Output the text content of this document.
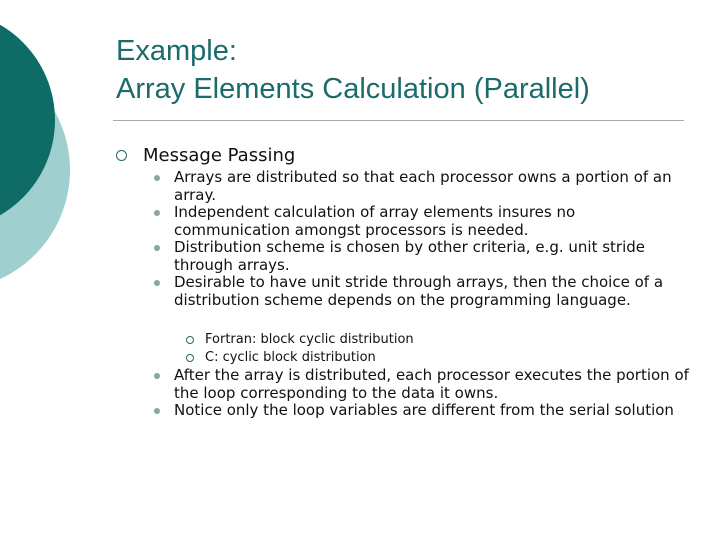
Example:
Array Elements Calculation (Parallel)
Message Passing
Arrays are distributed so that each processor owns a portion of an array.
Independent calculation of array elements insures no communication amongst processors is needed.
Distribution scheme is chosen by other criteria, e.g. unit stride through arrays.
Desirable to have unit stride through arrays, then the choice of a distribution scheme depends on the programming language.
Fortran: block cyclic distribution
C: cyclic block distribution
After the array is distributed, each processor executes the portion of the loop corresponding to the data it owns.
Notice only the loop variables are different from the serial solution
